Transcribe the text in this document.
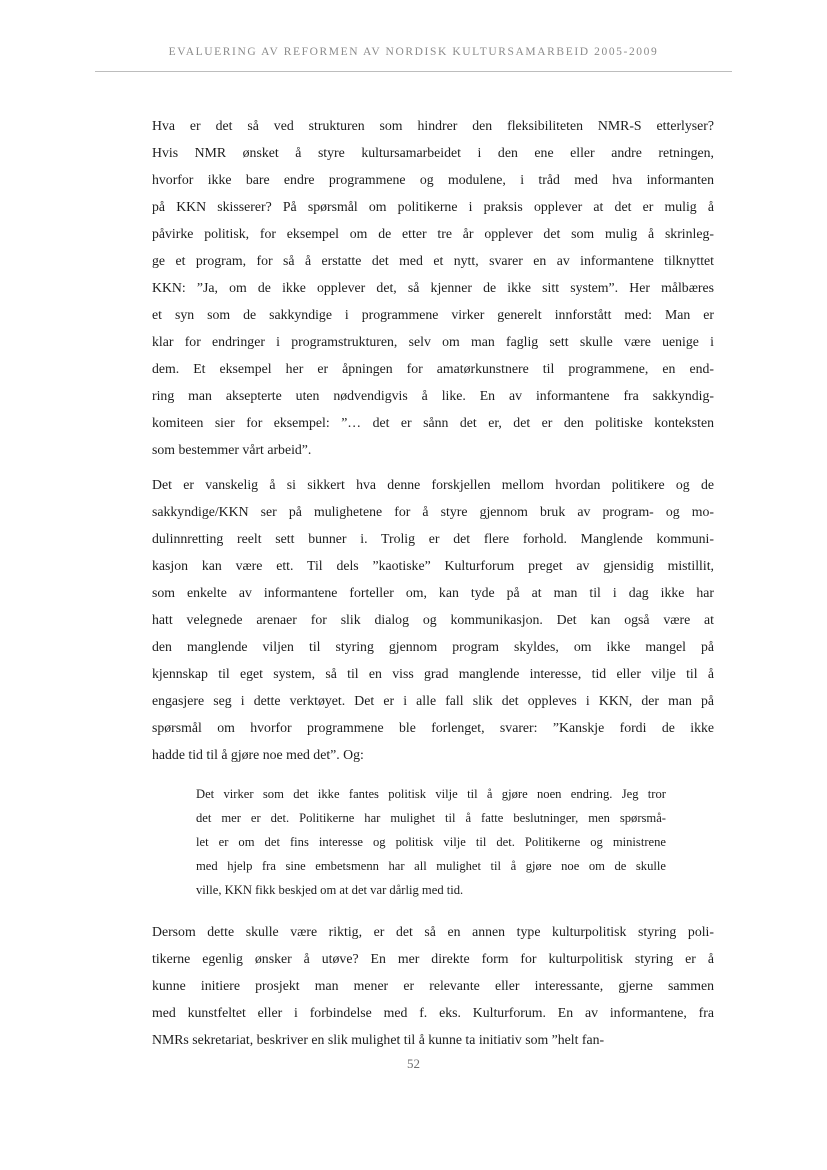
EVALUERING AV REFORMEN AV NORDISK KULTURSAMARBEID 2005-2009
Hva er det så ved strukturen som hindrer den fleksibiliteten NMR-S etterlyser?
Hvis NMR ønsket å styre kultursamarbeidet i den ene eller andre retningen,
hvorfor ikke bare endre programmene og modulene, i tråd med hva informanten
på KKN skisserer? På spørsmål om politikerne i praksis opplever at det er mulig å
påvirke politisk, for eksempel om de etter tre år opplever det som mulig å skrinleg-
ge et program, for så å erstatte det med et nytt, svarer en av informantene tilknyttet
KKN: ”Ja, om de ikke opplever det, så kjenner de ikke sitt system”. Her målbæres
et syn som de sakkyndige i programmene virker generelt innforstått med: Man er
klar for endringer i programstrukturen, selv om man faglig sett skulle være uenige i
dem. Et eksempel her er åpningen for amatørkunstnere til programmene, en end-
ring man aksepterte uten nødvendigvis å like. En av informantene fra sakkyndig-
komiteen sier for eksempel: ”… det er sånn det er, det er den politiske konteksten
som bestemmer vårt arbeid”.
Det er vanskelig å si sikkert hva denne forskjellen mellom hvordan politikere og de
sakkyndige/KKN ser på mulighetene for å styre gjennom bruk av program- og mo-
dulinnretting reelt sett bunner i. Trolig er det flere forhold. Manglende kommuni-
kasjon kan være ett. Til dels ”kaotiske” Kulturforum preget av gjensidig mistillit,
som enkelte av informantene forteller om, kan tyde på at man til i dag ikke har
hatt velegnede arenaer for slik dialog og kommunikasjon. Det kan også være at
den manglende viljen til styring gjennom program skyldes, om ikke mangel på
kjennskap til eget system, så til en viss grad manglende interesse, tid eller vilje til å
engasjere seg i dette verktøyet. Det er i alle fall slik det oppleves i KKN, der man på
spørsmål om hvorfor programmene ble forlenget, svarer: ”Kanskje fordi de ikke
hadde tid til å gjøre noe med det”. Og:
Det virker som det ikke fantes politisk vilje til å gjøre noen endring. Jeg tror
det mer er det. Politikerne har mulighet til å fatte beslutninger, men spørsmå-
let er om det fins interesse og politisk vilje til det. Politikerne og ministrene
med hjelp fra sine embetsmenn har all mulighet til å gjøre noe om de skulle
ville, KKN fikk beskjed om at det var dårlig med tid.
Dersom dette skulle være riktig, er det så en annen type kulturpolitisk styring poli-
tikerne egenlig ønsker å utøve? En mer direkte form for kulturpolitisk styring er å
kunne initiere prosjekt man mener er relevante eller interessante, gjerne sammen
med kunstfeltet eller i forbindelse med f. eks. Kulturforum. En av informantene, fra
NMRs sekretariat, beskriver en slik mulighet til å kunne ta initiativ som ”helt fan-
52
